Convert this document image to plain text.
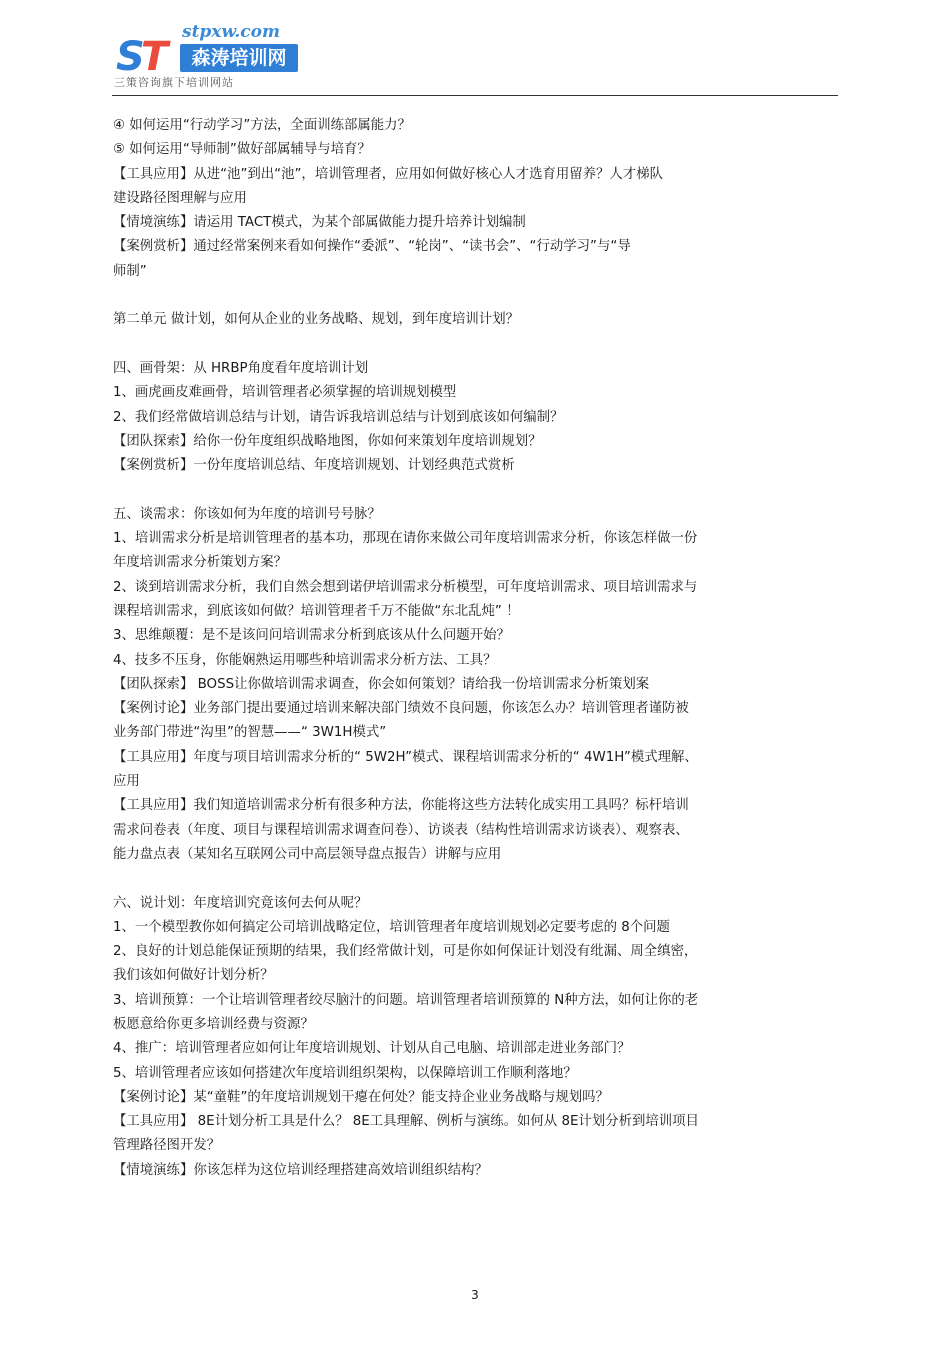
stpxw.com
ST	森涛培训网
三策咨询旗下培训网站
④ 如何运用“行动学习”方法，全面训练部属能力？
⑤ 如何运用“导师制”做好部属辅导与培育？
【工具应用】从进“池”到出“池”，培训管理者，应用如何做好核心人才选育用留养？人才梯队
建设路径图理解与应用
【情境演练】请运用 TACT模式，为某个部属做能力提升培养计划编制
【案例赏析】通过经常案例来看如何操作“委派”、“轮岗”、“读书会”、“行动学习”与“导
师制”
第二单元 做计划，如何从企业的业务战略、规划，到年度培训计划？
四、画骨架：从 HRBP角度看年度培训计划
1、画虎画皮难画骨，培训管理者必须掌握的培训规划模型
2、我们经常做培训总结与计划，请告诉我培训总结与计划到底该如何编制？
【团队探索】给你一份年度组织战略地图，你如何来策划年度培训规划？
【案例赏析】一份年度培训总结、年度培训规划、计划经典范式赏析
五、谈需求：你该如何为年度的培训号号脉？
1、培训需求分析是培训管理者的基本功，那现在请你来做公司年度培训需求分析，你该怎样做一份
年度培训需求分析策划方案？
2、谈到培训需求分析，我们自然会想到诺伊培训需求分析模型，可年度培训需求、项目培训需求与
课程培训需求，到底该如何做？培训管理者千万不能做“东北乱炖” ！
3、思维颠覆：是不是该问问培训需求分析到底该从什么问题开始？
4、技多不压身，你能娴熟运用哪些种培训需求分析方法、工具？
【团队探索】 BOSS让你做培训需求调查，你会如何策划？请给我一份培训需求分析策划案
【案例讨论】业务部门提出要通过培训来解决部门绩效不良问题，你该怎么办？培训管理者谨防被
业务部门带进“沟里”的智慧——“ 3W1H模式”
【工具应用】年度与项目培训需求分析的“ 5W2H”模式、课程培训需求分析的“ 4W1H”模式理解、
应用
【工具应用】我们知道培训需求分析有很多种方法，你能将这些方法转化成实用工具吗？标杆培训
需求问卷表（年度、项目与课程培训需求调查问卷）、访谈表（结构性培训需求访谈表）、观察表、
能力盘点表（某知名互联网公司中高层领导盘点报告）讲解与应用
六、说计划：年度培训究竟该何去何从呢？
1、一个模型教你如何搞定公司培训战略定位，培训管理者年度培训规划必定要考虑的 8个问题
2、良好的计划总能保证预期的结果，我们经常做计划，可是你如何保证计划没有纰漏、周全缜密，
我们该如何做好计划分析？
3、培训预算：一个让培训管理者绞尽脑汁的问题。培训管理者培训预算的 N种方法，如何让你的老
板愿意给你更多培训经费与资源？
4、推广：培训管理者应如何让年度培训规划、计划从自己电脑、培训部走进业务部门？
5、培训管理者应该如何搭建次年度培训组织架构，以保障培训工作顺利落地？
【案例讨论】某“童鞋”的年度培训规划干瘪在何处？能支持企业业务战略与规划吗？
【工具应用】 8E计划分析工具是什么？ 8E工具理解、例析与演练。如何从 8E计划分析到培训项目
管理路径图开发？
【情境演练】你该怎样为这位培训经理搭建高效培训组织结构？
3
